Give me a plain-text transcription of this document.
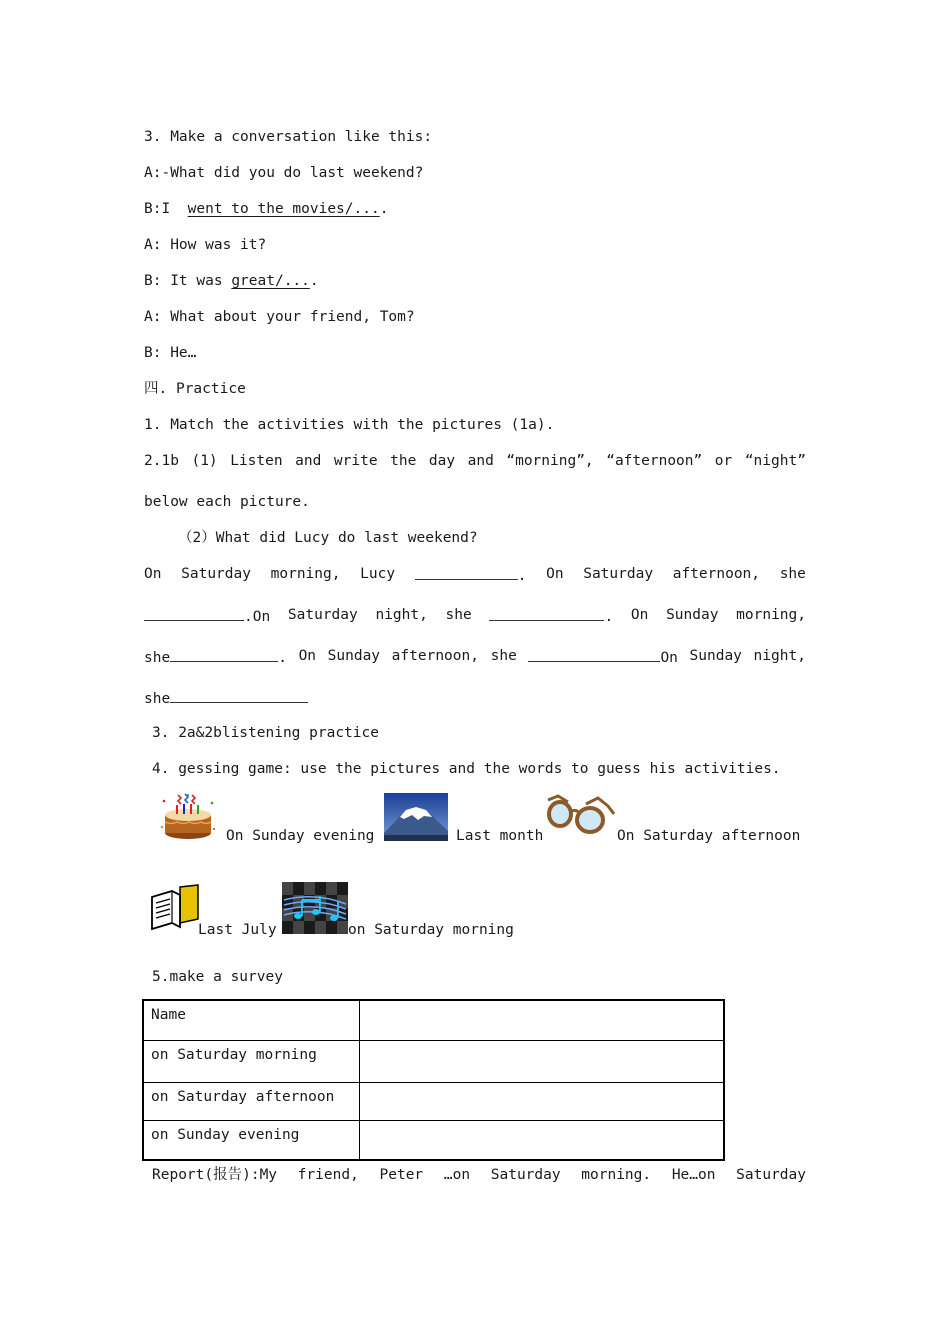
3. Make a conversation like this:
A:-What did you do last weekend?
B:I  went to the movies/....
A: How was it?
B: It was great/....
A: What about your friend, Tom?
B: He…
四. Practice
1. Match the activities with the pictures (1a).
2.1b (1) Listen and write the day and “morning”, “afternoon” or “night”
below each picture.
（2）What did Lucy do last weekend?
On Saturday morning, Lucy	. On Saturday afternoon, she
.On Saturday night, she	. On Sunday morning,
she	. On Sunday afternoon, she	On Sunday night,
she
3. 2a&2blistening practice
4. gessing game: use the pictures and the words to guess his activities.
On Sunday evening	Last month	On Saturday afternoon
Last July	on Saturday morning
5.make a survey
Name	
on Saturday morning	
on Saturday afternoon	
on Sunday evening	
Report(报告):My friend, Peter …on Saturday morning. He…on Saturday
